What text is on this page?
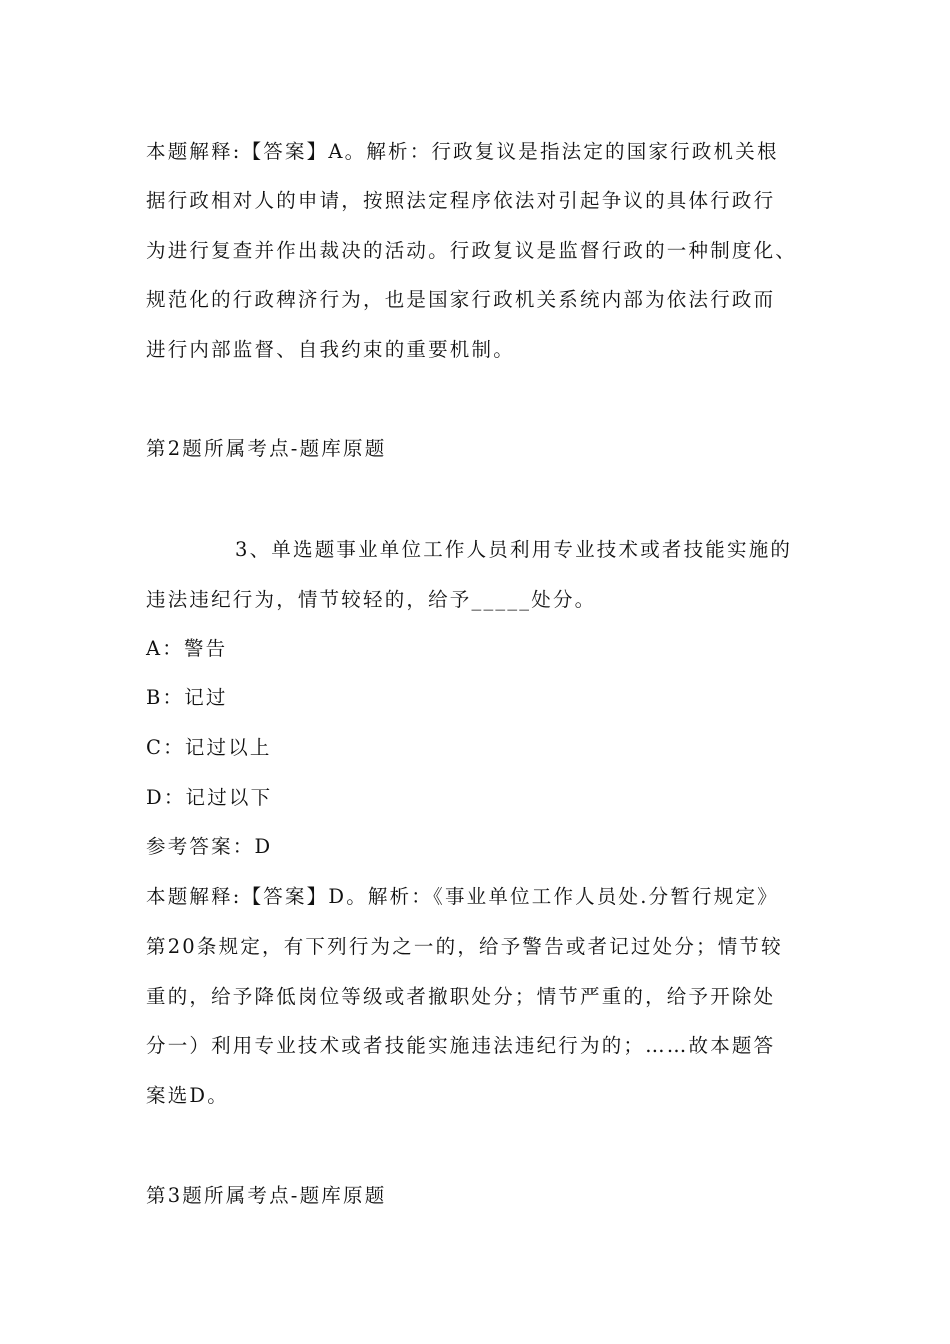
本题解释:【答案】A。解析：行政复议是指法定的国家行政机关根
据行政相对人的申请，按照法定程序依法对引起争议的具体行政行
为进行复查并作出裁决的活动。行政复议是监督行政的一种制度化、
规范化的行政稗济行为，也是国家行政机关系统内部为依法行政而
进行内部监督、自我约束的重要机制。
第2题所属考点-题库原题
3、单选题事业单位工作人员利用专业技术或者技能实施的
违法违纪行为，情节较轻的，给予_____处分。
A：警告
B：记过
C：记过以上
D：记过以下
参考答案：D
本题解释:【答案】D。解析：《事业单位工作人员处.分暂行规定》
第20条规定，有下列行为之一的，给予警告或者记过处分；情节较
重的，给予降低岗位等级或者撤职处分；情节严重的，给予开除处
分一）利用专业技术或者技能实施违法违纪行为的；……故本题答
案选D。
第3题所属考点-题库原题
